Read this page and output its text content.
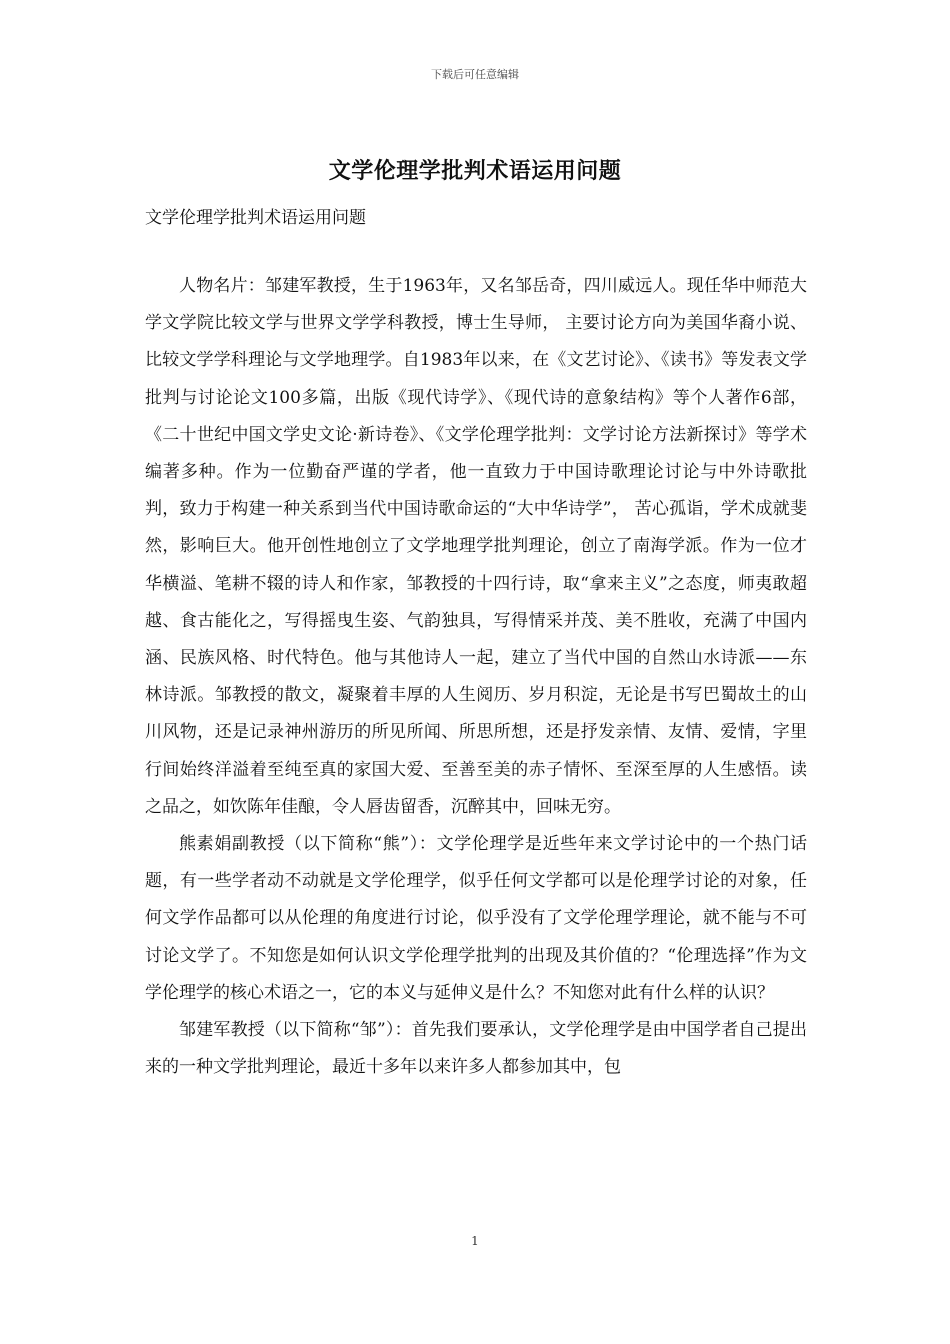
下载后可任意编辑
文学伦理学批判术语运用问题
文学伦理学批判术语运用问题

人物名片：邹建军教授，生于1963年，又名邹岳奇，四川威远人。现任华中师范大学文学院比较文学与世界文学学科教授，博士生导师， 主要讨论方向为美国华裔小说、比较文学学科理论与文学地理学。自1983年以来，在《文艺讨论》、《读书》等发表文学批判与讨论论文100多篇，出版《现代诗学》、《现代诗的意象结构》等个人著作6部，《二十世纪中国文学史文论·新诗卷》、《文学伦理学批判：文学讨论方法新探讨》等学术编著多种。作为一位勤奋严谨的学者，他一直致力于中国诗歌理论讨论与中外诗歌批判，致力于构建一种关系到当代中国诗歌命运的“大中华诗学”， 苦心孤诣，学术成就斐然，影响巨大。他开创性地创立了文学地理学批判理论，创立了南海学派。作为一位才华横溢、笔耕不辍的诗人和作家，邹教授的十四行诗，取“拿来主义”之态度，师夷敢超越、食古能化之，写得摇曳生姿、气韵独具，写得情采并茂、美不胜收，充满了中国内涵、民族风格、时代特色。他与其他诗人一起，建立了当代中国的自然山水诗派——东林诗派。邹教授的散文，凝聚着丰厚的人生阅历、岁月积淀，无论是书写巴蜀故土的山川风物，还是记录神州游历的所见所闻、所思所想，还是抒发亲情、友情、爱情，字里行间始终洋溢着至纯至真的家国大爱、至善至美的赤子情怀、至深至厚的人生感悟。读之品之，如饮陈年佳酿，令人唇齿留香，沉醉其中，回味无穷。

熊素娟副教授（以下简称“熊”）：文学伦理学是近些年来文学讨论中的一个热门话题，有一些学者动不动就是文学伦理学，似乎任何文学都可以是伦理学讨论的对象，任何文学作品都可以从伦理的角度进行讨论，似乎没有了文学伦理学理论，就不能与不可讨论文学了。不知您是如何认识文学伦理学批判的出现及其价值的？“伦理选择”作为文学伦理学的核心术语之一，它的本义与延伸义是什么？不知您对此有什么样的认识？

邹建军教授（以下简称“邹”）：首先我们要承认，文学伦理学是由中国学者自己提出来的一种文学批判理论，最近十多年以来许多人都参加其中，包

1
